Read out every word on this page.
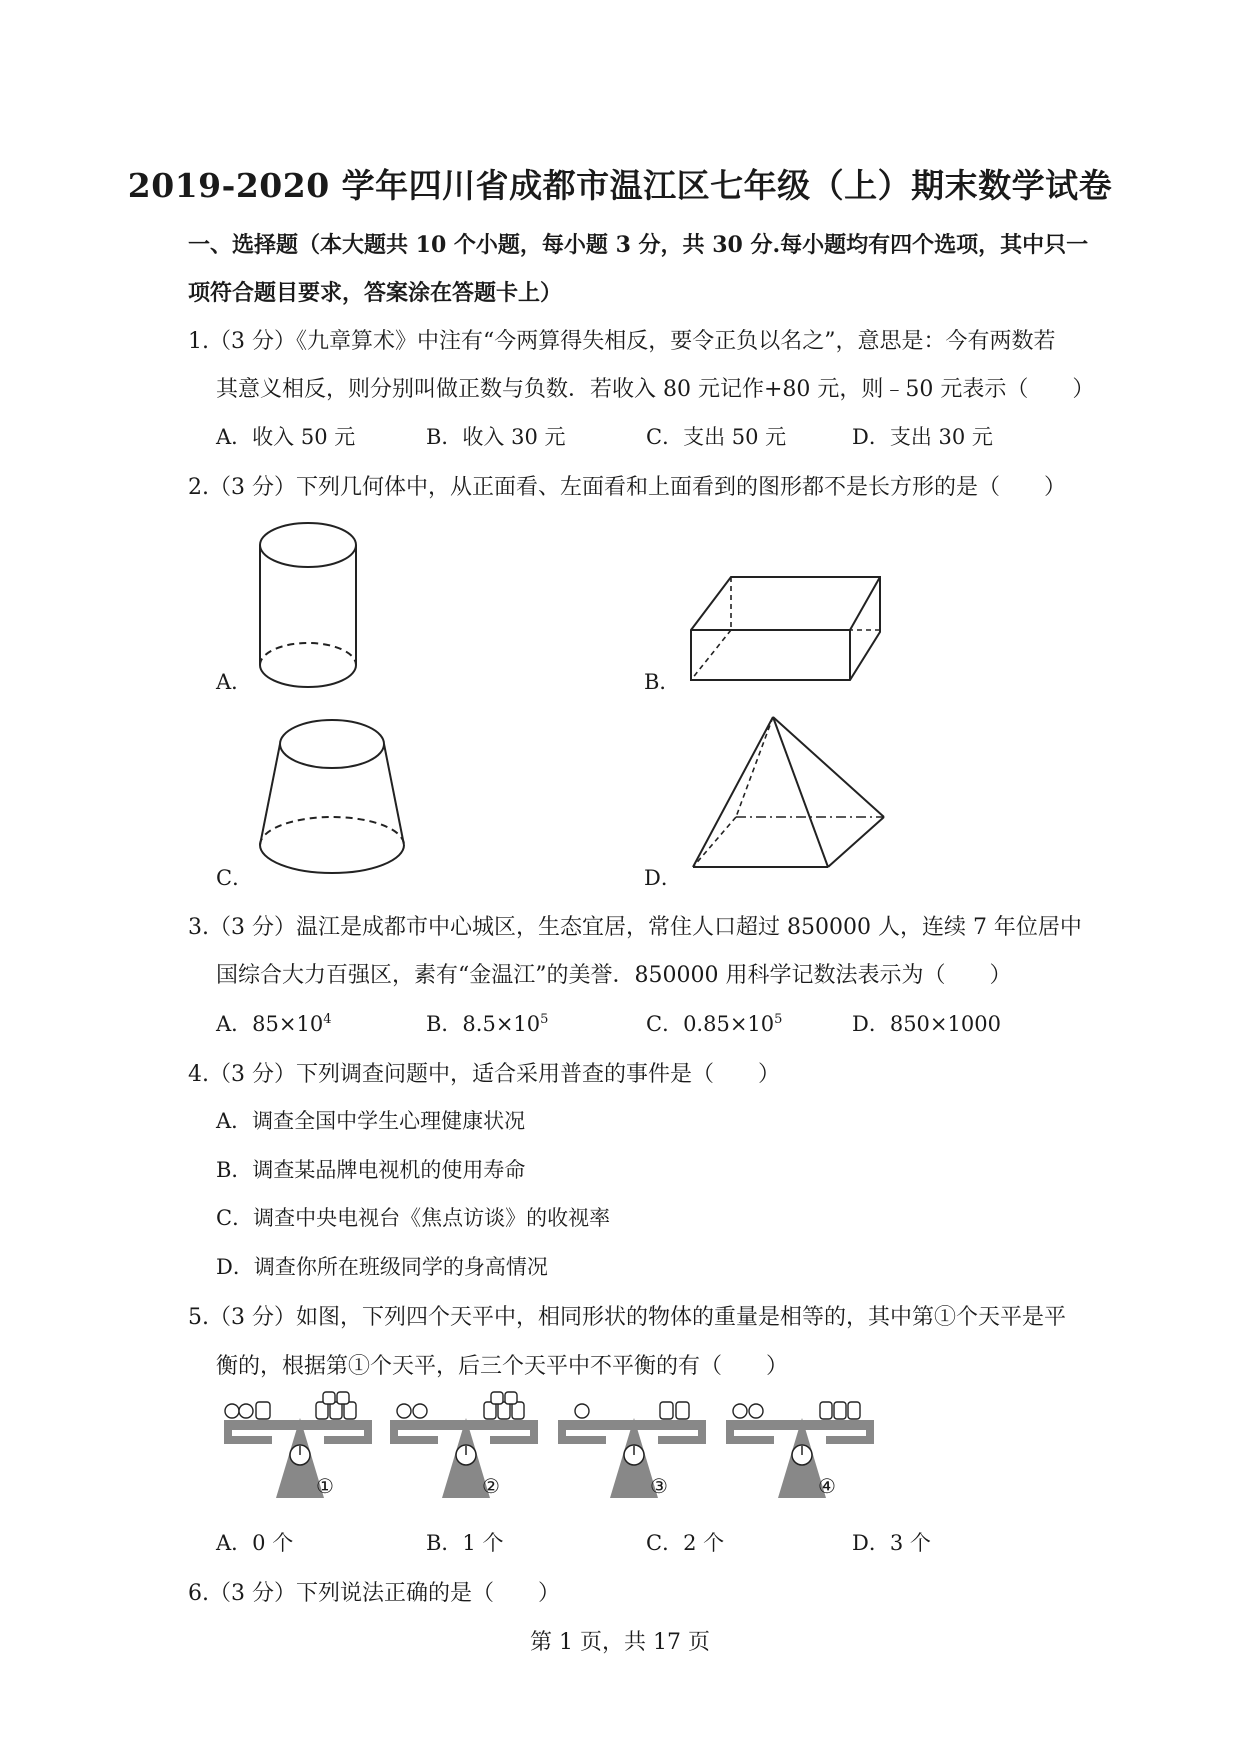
2019-2020 学年四川省成都市温江区七年级（上）期末数学试卷
一、选择题（本大题共 10 个小题，每小题 3 分，共 30 分.每小题均有四个选项，其中只一
项符合题目要求，答案涂在答题卡上）
1.（3 分）《九章算术》中注有“今两算得失相反，要令正负以名之”，意思是：今有两数若
其意义相反，则分别叫做正数与负数．若收入 80 元记作+80 元，则﹣50 元表示（　　）
A．收入 50 元	B．收入 30 元	C．支出 50 元	D．支出 30 元
2.（3 分）下列几何体中，从正面看、左面看和上面看到的图形都不是长方形的是（　　）
A．	B．
C．	D．
3.（3 分）温江是成都市中心城区，生态宜居，常住人口超过 850000 人，连续 7 年位居中
国综合大力百强区，素有“金温江”的美誉．850000 用科学记数法表示为（　　）
A．$85\times 10^4$	B．$8.5\times 10^5$	C．$0.85\times 10^5$	D．850×1000
4.（3 分）下列调查问题中，适合采用普查的事件是（　　）
A．调查全国中学生心理健康状况
B．调查某品牌电视机的使用寿命
C．调查中央电视台《焦点访谈》的收视率
D．调查你所在班级同学的身高情况
5.（3 分）如图，下列四个天平中，相同形状的物体的重量是相等的，其中第①个天平是平
衡的，根据第①个天平，后三个天平中不平衡的有（　　）
①	②	③	④
A．0 个	B．1 个	C．2 个	D．3 个
6.（3 分）下列说法正确的是（　　）
第 1 页，共 17 页
